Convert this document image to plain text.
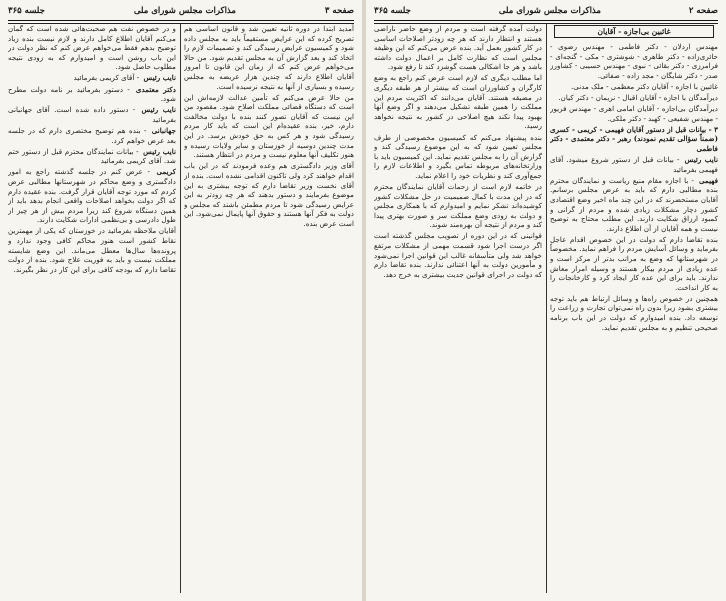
صفحه ۳
مذاکرات مجلس شورای ملی
جلسه ۳۶۵

آمدید ابتدا در دوره ثانیه تعیین شد و قانون اساسی هم تصریح کرده که این عرایض مستقیماً باید به مجلس داده شود و کمیسیون عرایض رسیدگی کند و تصمیمات لازم را اتخاذ کند و بعد گزارش آن به مجلس تقدیم شود. من حالا می‌خواهم عرض کنم که از زمان این قانون تا امروز آقایان اطلاع دارند که چندین هزار عریضه به مجلس رسیده و بسیاری از آنها به نتیجه نرسیده است.

من حالا عرض می‌کنم که تأمین عدالت لازمه‌اش این است که دستگاه قضائی مملکت اصلاح شود. مقصود من این نیست که آقایان تصور کنند بنده با دولت مخالفت دارم، خیر، بنده عقیده‌ام این است که باید کار مردم رسیدگی شود و هر کس به حق خودش برسد. در این مدت چندین دوسیه از خوزستان و سایر ولایات رسیده و هنوز تکلیف آنها معلوم نیست و مردم در انتظار هستند.

آقای وزیر دادگستری هم وعده فرمودند که در این باب اقدام خواهند کرد ولی تاکنون اقدامی نشده است. بنده از آقای نخست وزیر تقاضا دارم که توجه بیشتری به این موضوع بفرمایند و دستور بدهند که هر چه زودتر به این عرایض رسیدگی شود تا مردم مطمئن باشند که مجلس و دولت به فکر آنها هستند و حقوق آنها پایمال نمی‌شود. این است عرض بنده.

و در خصوص نفت هم صحبت‌هائی شده است که گمان می‌کنم آقایان اطلاع کامل دارند و لازم نیست بنده زیاد توضیح بدهم فقط می‌خواهم عرض کنم که نظر دولت در این باب روشن است و امیدوارم که به زودی نتیجه مطلوب حاصل شود.

نایب رئیس - آقای کریمی بفرمائید

دکتر معتمدی - دستور بفرمائید بر نامه دولت مطرح شود.

نایب رئیس - دستور داده شده است. آقای جهانبانی بفرمائید

جهانبانی - بنده هم توضیح مختصری دارم که در جلسه بعد عرض خواهم کرد.

نایب رئیس - بیانات نمایندگان محترم قبل از دستور ختم شد. آقای کریمی بفرمائید

کریمی - عرض کنم در جلسه گذشته راجع به امور دادگستری و وضع محاکم در شهرستانها مطالبی عرض کردم که مورد توجه آقایان قرار گرفت. بنده عقیده دارم که اگر دولت بخواهد اصلاحات واقعی انجام بدهد باید از همین دستگاه شروع کند زیرا مردم بیش از هر چیز از طول دادرسی و بی‌نظمی ادارات شکایت دارند.

آقایان ملاحظه بفرمائید در خوزستان که یکی از مهمترین نقاط کشور است هنوز محاکم کافی وجود ندارد و پرونده‌ها سال‌ها معطل می‌ماند. این وضع شایسته مملکت نیست و باید به فوریت علاج شود. بنده از دولت تقاضا دارم که بودجه کافی برای این کار در نظر بگیرند.

صفحه ۲
مذاکرات مجلس شورای ملی
جلسه ۳۶۵
غائبین بی‌اجازه - آقایان

مهندس اردلان - دکتر فاطمی - مهندس رضوی - حائری‌زاده - دکتر طاهری - شوشتری - مکی - گنجه‌ای - فرامرزی - دکتر بقائی - نبوی - مهندس حسیبی - کشاورز صدر - دکتر شایگان - مجد زاده - صفائی.

غائبین با اجازه - آقایان دکتر معظمی - ملک مدنی.

دیرآمدگان با اجازه - آقایان اقبال - نریمان - دکتر کیان.

دیرآمدگان بی‌اجازه - آقایان امامی اهری - مهندس فریور - مهندس شفیعی - کهبد - دکتر ملکی.

۳ - بیانات قبل از دستور آقایان فهیمی - کریمی - کسری (ضمناً سؤالی تقدیم نمودند) رهبر - دکتر معتمدی - دکتر فاطمی

نایب رئیس - بیانات قبل از دستور شروع میشود. آقای فهیمی بفرمائید

فهیمی - با اجازه مقام منیع ریاست و نمایندگان محترم بنده مطالبی دارم که باید به عرض مجلس برسانم. آقایان مستحضرند که در این چند ماه اخیر وضع اقتصادی کشور دچار مشکلات زیادی شده و مردم از گرانی و کمبود ارزاق شکایت دارند. این مطلب محتاج به توضیح نیست و همه آقایان از آن اطلاع دارند.

بنده تقاضا دارم که دولت در این خصوص اقدام عاجل بفرماید و وسائل آسایش مردم را فراهم نماید. مخصوصاً در شهرستانها که وضع به مراتب بدتر از مرکز است و عده زیادی از مردم بیکار هستند و وسیله امرار معاش ندارند. باید برای این عده کار ایجاد کرد و کارخانجات را به کار انداخت.

همچنین در خصوص راه‌ها و وسائل ارتباط هم باید توجه بیشتری بشود زیرا بدون راه نمی‌توان تجارت و زراعت را توسعه داد. بنده امیدوارم که دولت در این باب برنامه صحیحی تنظیم و به مجلس تقدیم نماید.

دولت آمده گرفته است و مردم از وضع حاضر ناراضی هستند و انتظار دارند که هر چه زودتر اصلاحات اساسی در کار کشور بعمل آید. بنده عرض می‌کنم که این وظیفه مجلس است که نظارت کامل بر اعمال دولت داشته باشد و هر جا اشکالی هست گوشزد کند تا رفع شود.

اما مطلب دیگری که لازم است عرض کنم راجع به وضع کارگران و کشاورزان است که بیشتر از هر طبقه دیگری در مضیقه هستند. آقایان می‌دانند که اکثریت مردم این مملکت را همین طبقه تشکیل می‌دهند و اگر وضع آنها بهبود پیدا نکند هیچ اصلاحی در کشور به نتیجه نخواهد رسید.

بنده پیشنهاد می‌کنم که کمیسیون مخصوصی از طرف مجلس تعیین شود که به این موضوع رسیدگی کند و گزارش آن را به مجلس تقدیم نماید. این کمیسیون باید با وزارتخانه‌های مربوطه تماس بگیرد و اطلاعات لازم را جمع‌آوری کند و نظریات خود را اعلام نماید.

در خاتمه لازم است از زحمات آقایان نمایندگان محترم که در این مدت با کمال صمیمیت در حل مشکلات کشور کوشیده‌اند تشکر نمایم و امیدوارم که با همکاری مجلس و دولت به زودی وضع مملکت سر و صورت بهتری پیدا کند و مردم از نتیجه آن بهره‌مند شوند.

قوانینی که در این دوره از تصویب مجلس گذشته است اگر درست اجرا شود قسمت مهمی از مشکلات مرتفع خواهد شد ولی متأسفانه غالب این قوانین اجرا نمی‌شود و مأمورین دولت به آنها اعتنائی ندارند. بنده تقاضا دارم که دولت در اجرای قوانین جدیت بیشتری به خرج دهد.
